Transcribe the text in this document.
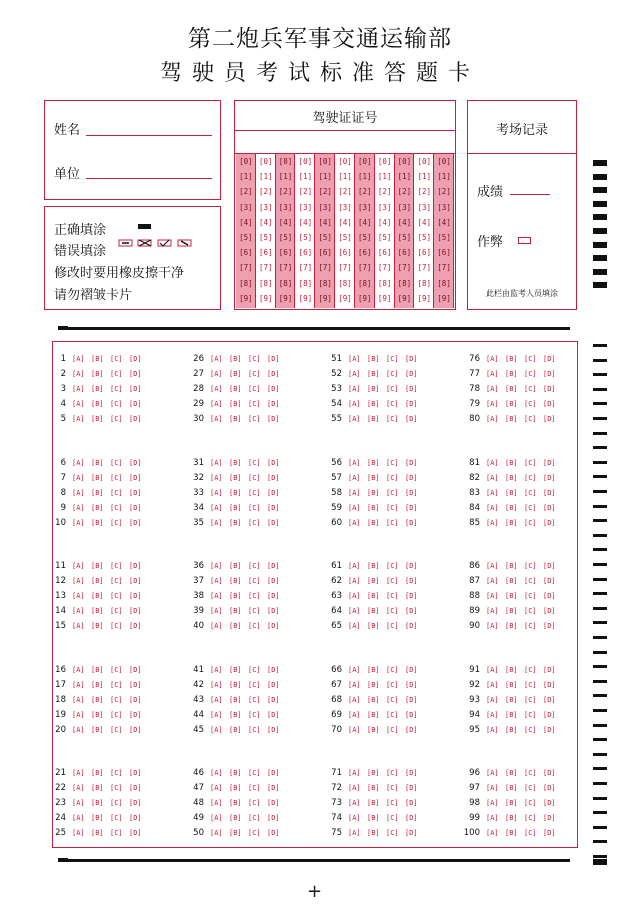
第二炮兵军事交通运输部
驾驶员考试标准答题卡
姓名
单位
正确填涂
错误填涂
修改时要用橡皮擦干净
请勿褶皱卡片
驾驶证证号
[0]
[1]
[2]
[3]
[4]
[5]
[6]
[7]
[8]
[9]
[0]
[1]
[2]
[3]
[4]
[5]
[6]
[7]
[8]
[9]
[0]
[1]
[2]
[3]
[4]
[5]
[6]
[7]
[8]
[9]
[0]
[1]
[2]
[3]
[4]
[5]
[6]
[7]
[8]
[9]
[0]
[1]
[2]
[3]
[4]
[5]
[6]
[7]
[8]
[9]
[0]
[1]
[2]
[3]
[4]
[5]
[6]
[7]
[8]
[9]
[0]
[1]
[2]
[3]
[4]
[5]
[6]
[7]
[8]
[9]
[0]
[1]
[2]
[3]
[4]
[5]
[6]
[7]
[8]
[9]
[0]
[1]
[2]
[3]
[4]
[5]
[6]
[7]
[8]
[9]
[0]
[1]
[2]
[3]
[4]
[5]
[6]
[7]
[8]
[9]
[0]
[1]
[2]
[3]
[4]
[5]
[6]
[7]
[8]
[9]
考场记录
成绩
作弊
此栏由监考人员填涂
1 [A] [B] [C] [D]
2 [A] [B] [C] [D]
3 [A] [B] [C] [D]
4 [A] [B] [C] [D]
5 [A] [B] [C] [D]
6 [A] [B] [C] [D]
7 [A] [B] [C] [D]
8 [A] [B] [C] [D]
9 [A] [B] [C] [D]
10 [A] [B] [C] [D]
11 [A] [B] [C] [D]
12 [A] [B] [C] [D]
13 [A] [B] [C] [D]
14 [A] [B] [C] [D]
15 [A] [B] [C] [D]
16 [A] [B] [C] [D]
17 [A] [B] [C] [D]
18 [A] [B] [C] [D]
19 [A] [B] [C] [D]
20 [A] [B] [C] [D]
21 [A] [B] [C] [D]
22 [A] [B] [C] [D]
23 [A] [B] [C] [D]
24 [A] [B] [C] [D]
25 [A] [B] [C] [D]
26 [A] [B] [C] [D]
27 [A] [B] [C] [D]
28 [A] [B] [C] [D]
29 [A] [B] [C] [D]
30 [A] [B] [C] [D]
31 [A] [B] [C] [D]
32 [A] [B] [C] [D]
33 [A] [B] [C] [D]
34 [A] [B] [C] [D]
35 [A] [B] [C] [D]
36 [A] [B] [C] [D]
37 [A] [B] [C] [D]
38 [A] [B] [C] [D]
39 [A] [B] [C] [D]
40 [A] [B] [C] [D]
41 [A] [B] [C] [D]
42 [A] [B] [C] [D]
43 [A] [B] [C] [D]
44 [A] [B] [C] [D]
45 [A] [B] [C] [D]
46 [A] [B] [C] [D]
47 [A] [B] [C] [D]
48 [A] [B] [C] [D]
49 [A] [B] [C] [D]
50 [A] [B] [C] [D]
51 [A] [B] [C] [D]
52 [A] [B] [C] [D]
53 [A] [B] [C] [D]
54 [A] [B] [C] [D]
55 [A] [B] [C] [D]
56 [A] [B] [C] [D]
57 [A] [B] [C] [D]
58 [A] [B] [C] [D]
59 [A] [B] [C] [D]
60 [A] [B] [C] [D]
61 [A] [B] [C] [D]
62 [A] [B] [C] [D]
63 [A] [B] [C] [D]
64 [A] [B] [C] [D]
65 [A] [B] [C] [D]
66 [A] [B] [C] [D]
67 [A] [B] [C] [D]
68 [A] [B] [C] [D]
69 [A] [B] [C] [D]
70 [A] [B] [C] [D]
71 [A] [B] [C] [D]
72 [A] [B] [C] [D]
73 [A] [B] [C] [D]
74 [A] [B] [C] [D]
75 [A] [B] [C] [D]
76 [A] [B] [C] [D]
77 [A] [B] [C] [D]
78 [A] [B] [C] [D]
79 [A] [B] [C] [D]
80 [A] [B] [C] [D]
81 [A] [B] [C] [D]
82 [A] [B] [C] [D]
83 [A] [B] [C] [D]
84 [A] [B] [C] [D]
85 [A] [B] [C] [D]
86 [A] [B] [C] [D]
87 [A] [B] [C] [D]
88 [A] [B] [C] [D]
89 [A] [B] [C] [D]
90 [A] [B] [C] [D]
91 [A] [B] [C] [D]
92 [A] [B] [C] [D]
93 [A] [B] [C] [D]
94 [A] [B] [C] [D]
95 [A] [B] [C] [D]
96 [A] [B] [C] [D]
97 [A] [B] [C] [D]
98 [A] [B] [C] [D]
99 [A] [B] [C] [D]
100 [A] [B] [C] [D]
+
